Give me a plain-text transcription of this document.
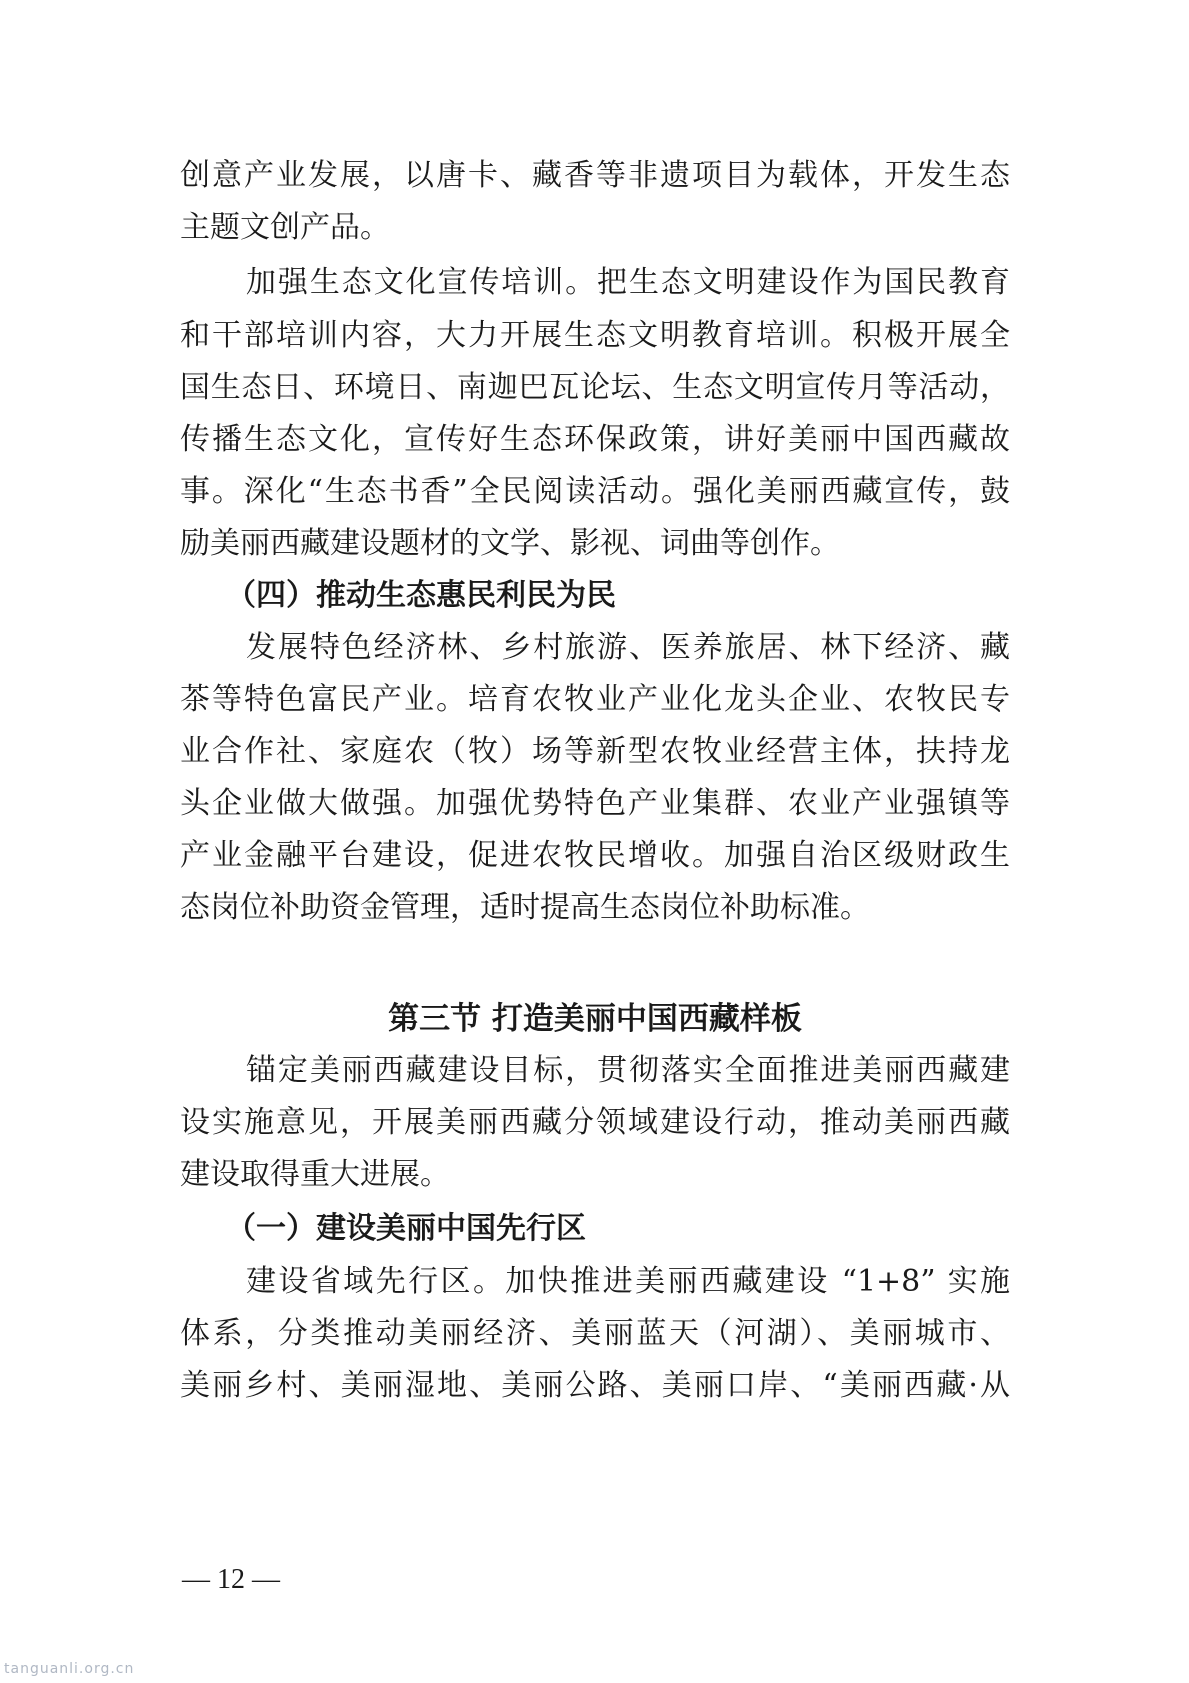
创意产业发展，以唐卡、藏香等非遗项目为载体，开发生态
主题文创产品。
加强生态文化宣传培训。把生态文明建设作为国民教育
和干部培训内容，大力开展生态文明教育培训。积极开展全
国生态日、环境日、南迦巴瓦论坛、生态文明宣传月等活动，
传播生态文化，宣传好生态环保政策，讲好美丽中国西藏故
事。深化“生态书香”全民阅读活动。强化美丽西藏宣传，鼓
励美丽西藏建设题材的文学、影视、词曲等创作。
（四）推动生态惠民利民为民
发展特色经济林、乡村旅游、医养旅居、林下经济、藏
茶等特色富民产业。培育农牧业产业化龙头企业、农牧民专
业合作社、家庭农（牧）场等新型农牧业经营主体，扶持龙
头企业做大做强。加强优势特色产业集群、农业产业强镇等
产业金融平台建设，促进农牧民增收。加强自治区级财政生
态岗位补助资金管理，适时提高生态岗位补助标准。
第三节 打造美丽中国西藏样板
锚定美丽西藏建设目标，贯彻落实全面推进美丽西藏建
设实施意见，开展美丽西藏分领域建设行动，推动美丽西藏
建设取得重大进展。
（一）建设美丽中国先行区
建设省域先行区。加快推进美丽西藏建设 “1+8” 实施
体系，分类推动美丽经济、美丽蓝天（河湖）、美丽城市、
美丽乡村、美丽湿地、美丽公路、美丽口岸、“美丽西藏·从
— 12 —
tanguanli.org.cn
